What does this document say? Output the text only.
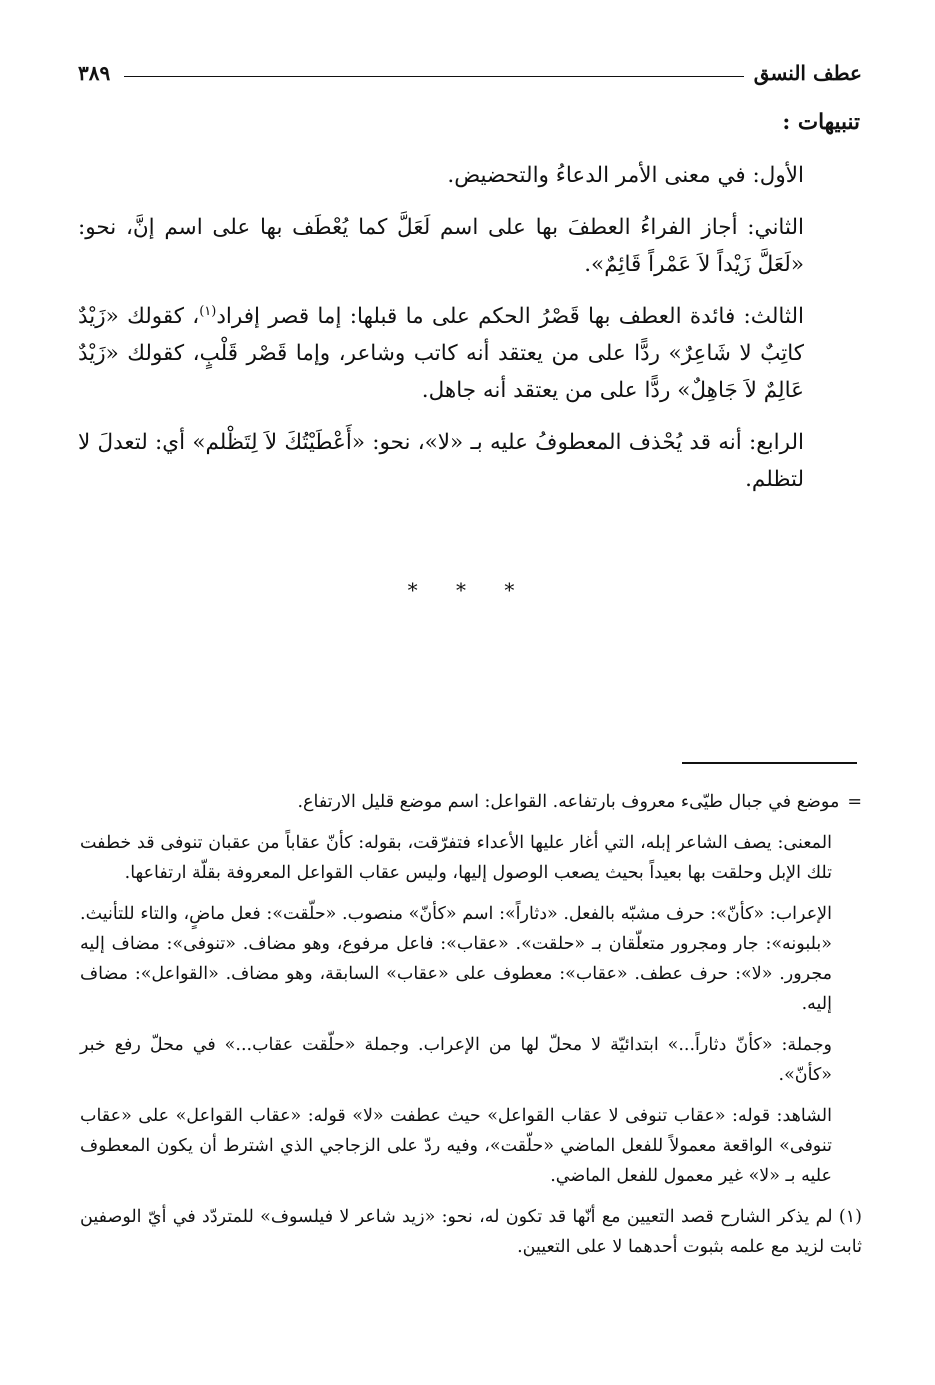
عطف النسق
٣٨٩

تنبيهات :

الأول: في معنى الأمر الدعاءُ والتحضيض.

الثاني: أجاز الفراءُ العطفَ بها على اسم لَعَلَّ كما يُعْطَف بها على اسم إنَّ، نحو: «لَعَلَّ زَيْداً لاَ عَمْراً قَائِمٌ».

الثالث: فائدة العطف بها قَصْرُ الحكم على ما قبلها: إما قصر إفراد$^{(١)}$، كقولك «زَيْدٌ كاتِبٌ لا شَاعِرٌ» ردًّا على من يعتقد أنه كاتب وشاعر، وإما قَصْر قَلْبٍ، كقولك «زَيْدٌ عَالِمٌ لاَ جَاهِلٌ» ردًّا على من يعتقد أنه جاهل.

الرابع: أنه قد يُحْذف المعطوفُ عليه بـ «لا»، نحو: «أَعْطَيْتُكَ لاَ لِتَظْلم» أي: لتعدلَ لا لتظلم.

* * *

=موضع في جبال طيّىء معروف بارتفاعه. القواعل: اسم موضع قليل الارتفاع.

المعنى: يصف الشاعر إبله، التي أغار عليها الأعداء فتفرّقت، بقوله: كأنّ عقاباً من عقبان تنوفى قد خطفت تلك الإبل وحلقت بها بعيداً بحيث يصعب الوصول إليها، وليس عقاب القواعل المعروفة بقلّة ارتفاعها.

الإعراب: «كأنّ»: حرف مشبّه بالفعل. «دثاراً»: اسم «كأنّ» منصوب. «حلّقت»: فعل ماضٍ، والتاء للتأنيث. «بلبونه»: جار ومجرور متعلّقان بـ «حلقت». «عقاب»: فاعل مرفوع، وهو مضاف. «تنوفى»: مضاف إليه مجرور. «لا»: حرف عطف. «عقاب»: معطوف على «عقاب» السابقة، وهو مضاف. «القواعل»: مضاف إليه.

وجملة: «كأنّ دثاراً...» ابتدائيّة لا محلّ لها من الإعراب. وجملة «حلّقت عقاب...» في محلّ رفع خبر «كأنّ».

الشاهد: قوله: «عقاب تنوفى لا عقاب القواعل» حيث عطفت «لا» قوله: «عقاب القواعل» على «عقاب تنوفى» الواقعة معمولاً للفعل الماضي «حلّقت»، وفيه ردّ على الزجاجي الذي اشترط أن يكون المعطوف عليه بـ «لا» غير معمول للفعل الماضي.

(١) لم يذكر الشارح قصد التعيين مع أنّها قد تكون له، نحو: «زيد شاعر لا فيلسوف» للمتردّد في أيّ الوصفين ثابت لزيد مع علمه بثبوت أحدهما لا على التعيين.
